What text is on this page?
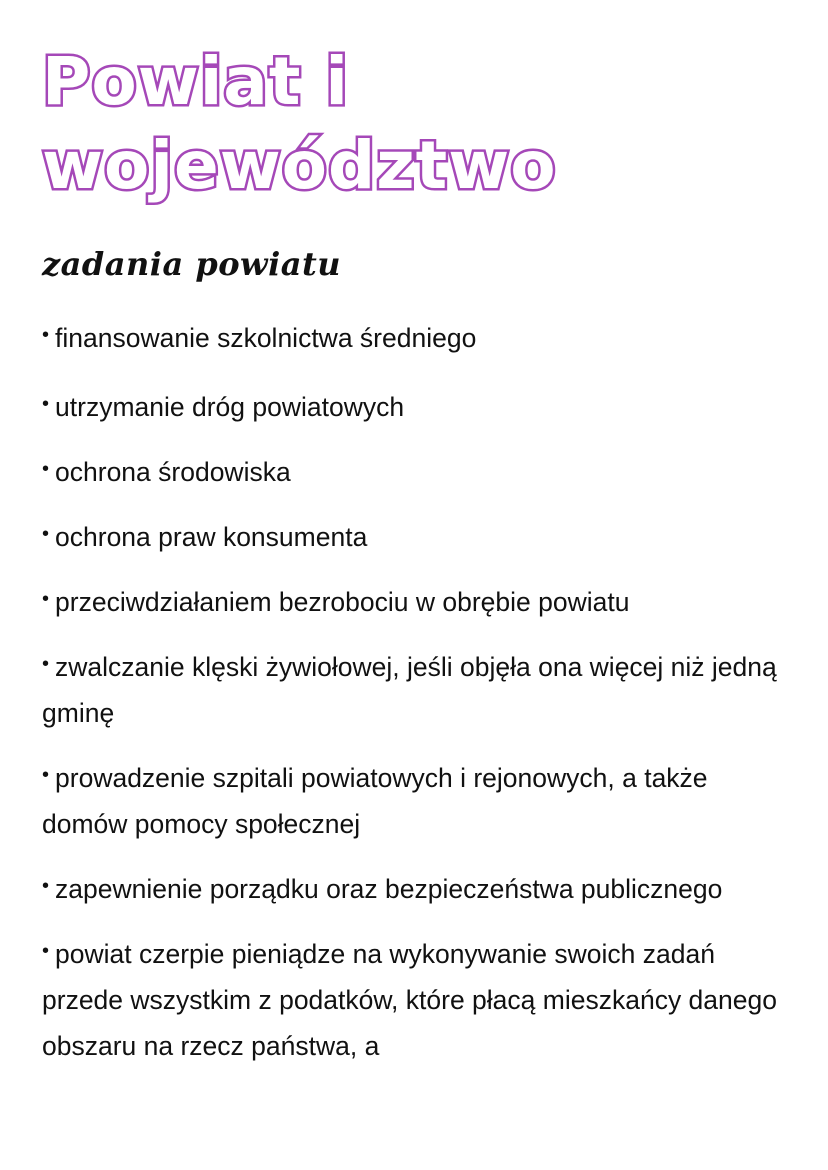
Powiat i
województwo
zadania powiatu
• finansowanie szkolnictwa średniego
• utrzymanie dróg powiatowych
• ochrona środowiska
• ochrona praw konsumenta
• przeciwdziałaniem bezrobociu w obrębie powiatu
• zwalczanie klęski żywiołowej, jeśli objęła ona więcej niż jedną gminę
• prowadzenie szpitali powiatowych i rejonowych, a także domów pomocy społecznej
• zapewnienie porządku oraz bezpieczeństwa publicznego
• powiat czerpie pieniądze na wykonywanie swoich zadań przede wszystkim z podatków, które płacą mieszkańcy danego obszaru na rzecz państwa, a
